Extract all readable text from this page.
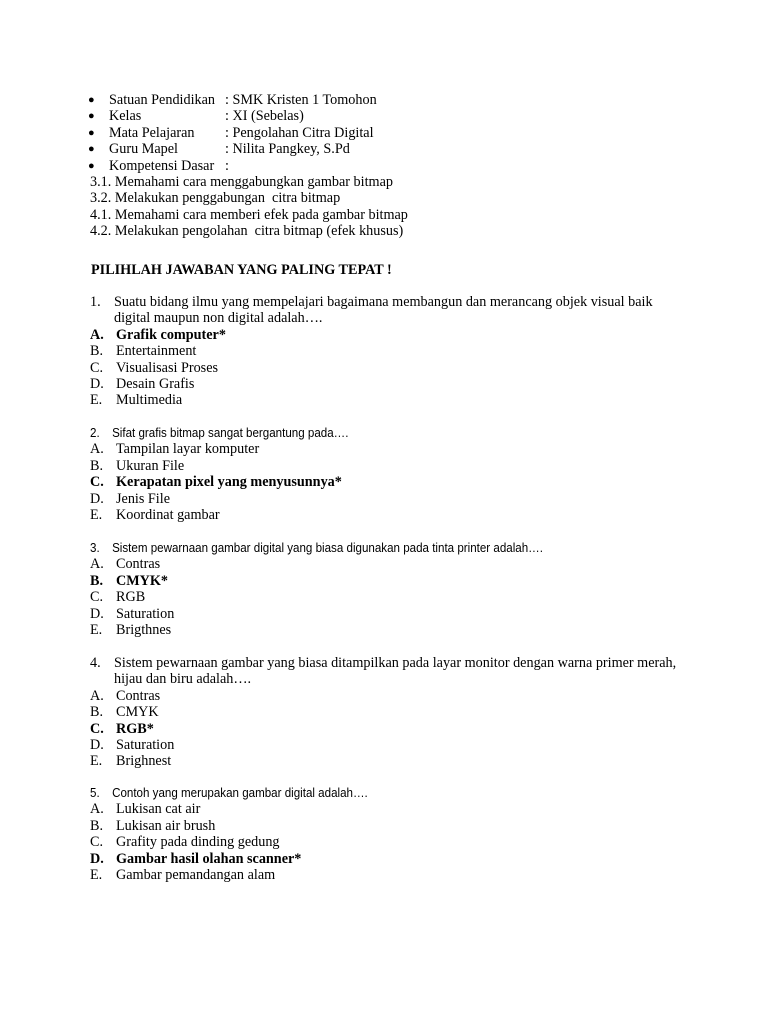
● Satuan Pendidikan : SMK Kristen 1 Tomohon
● Kelas	: XI (Sebelas)
● Mata Pelajaran : Pengolahan Citra Digital
● Guru Mapel	: Nilita Pangkey, S.Pd
● Kompetensi Dasar :
3.1. Memahami cara menggabungkan gambar bitmap
3.2. Melakukan penggabungan  citra bitmap
4.1. Memahami cara memberi efek pada gambar bitmap
4.2. Melakukan pengolahan  citra bitmap (efek khusus)
PILIHLAH JAWABAN YANG PALING TEPAT !
1. Suatu bidang ilmu yang mempelajari bagaimana membangun dan merancang objek visual baik digital maupun non digital adalah….
A. Grafik computer*
B. Entertainment
C. Visualisasi Proses
D. Desain Grafis
E. Multimedia
2. Sifat grafis bitmap sangat bergantung pada….
A. Tampilan layar komputer
B. Ukuran File
C. Kerapatan pixel yang menyusunnya*
D. Jenis File
E. Koordinat gambar
3. Sistem pewarnaan gambar digital yang biasa digunakan pada tinta printer adalah….
A. Contras
B. CMYK*
C. RGB
D. Saturation
E. Brigthnes
4. Sistem pewarnaan gambar yang biasa ditampilkan pada layar monitor dengan warna primer merah, hijau dan biru adalah….
A. Contras
B. CMYK
C. RGB*
D. Saturation
E. Brighnest
5. Contoh yang merupakan gambar digital adalah….
A. Lukisan cat air
B. Lukisan air brush
C. Grafity pada dinding gedung
D. Gambar hasil olahan scanner*
E. Gambar pemandangan alam
